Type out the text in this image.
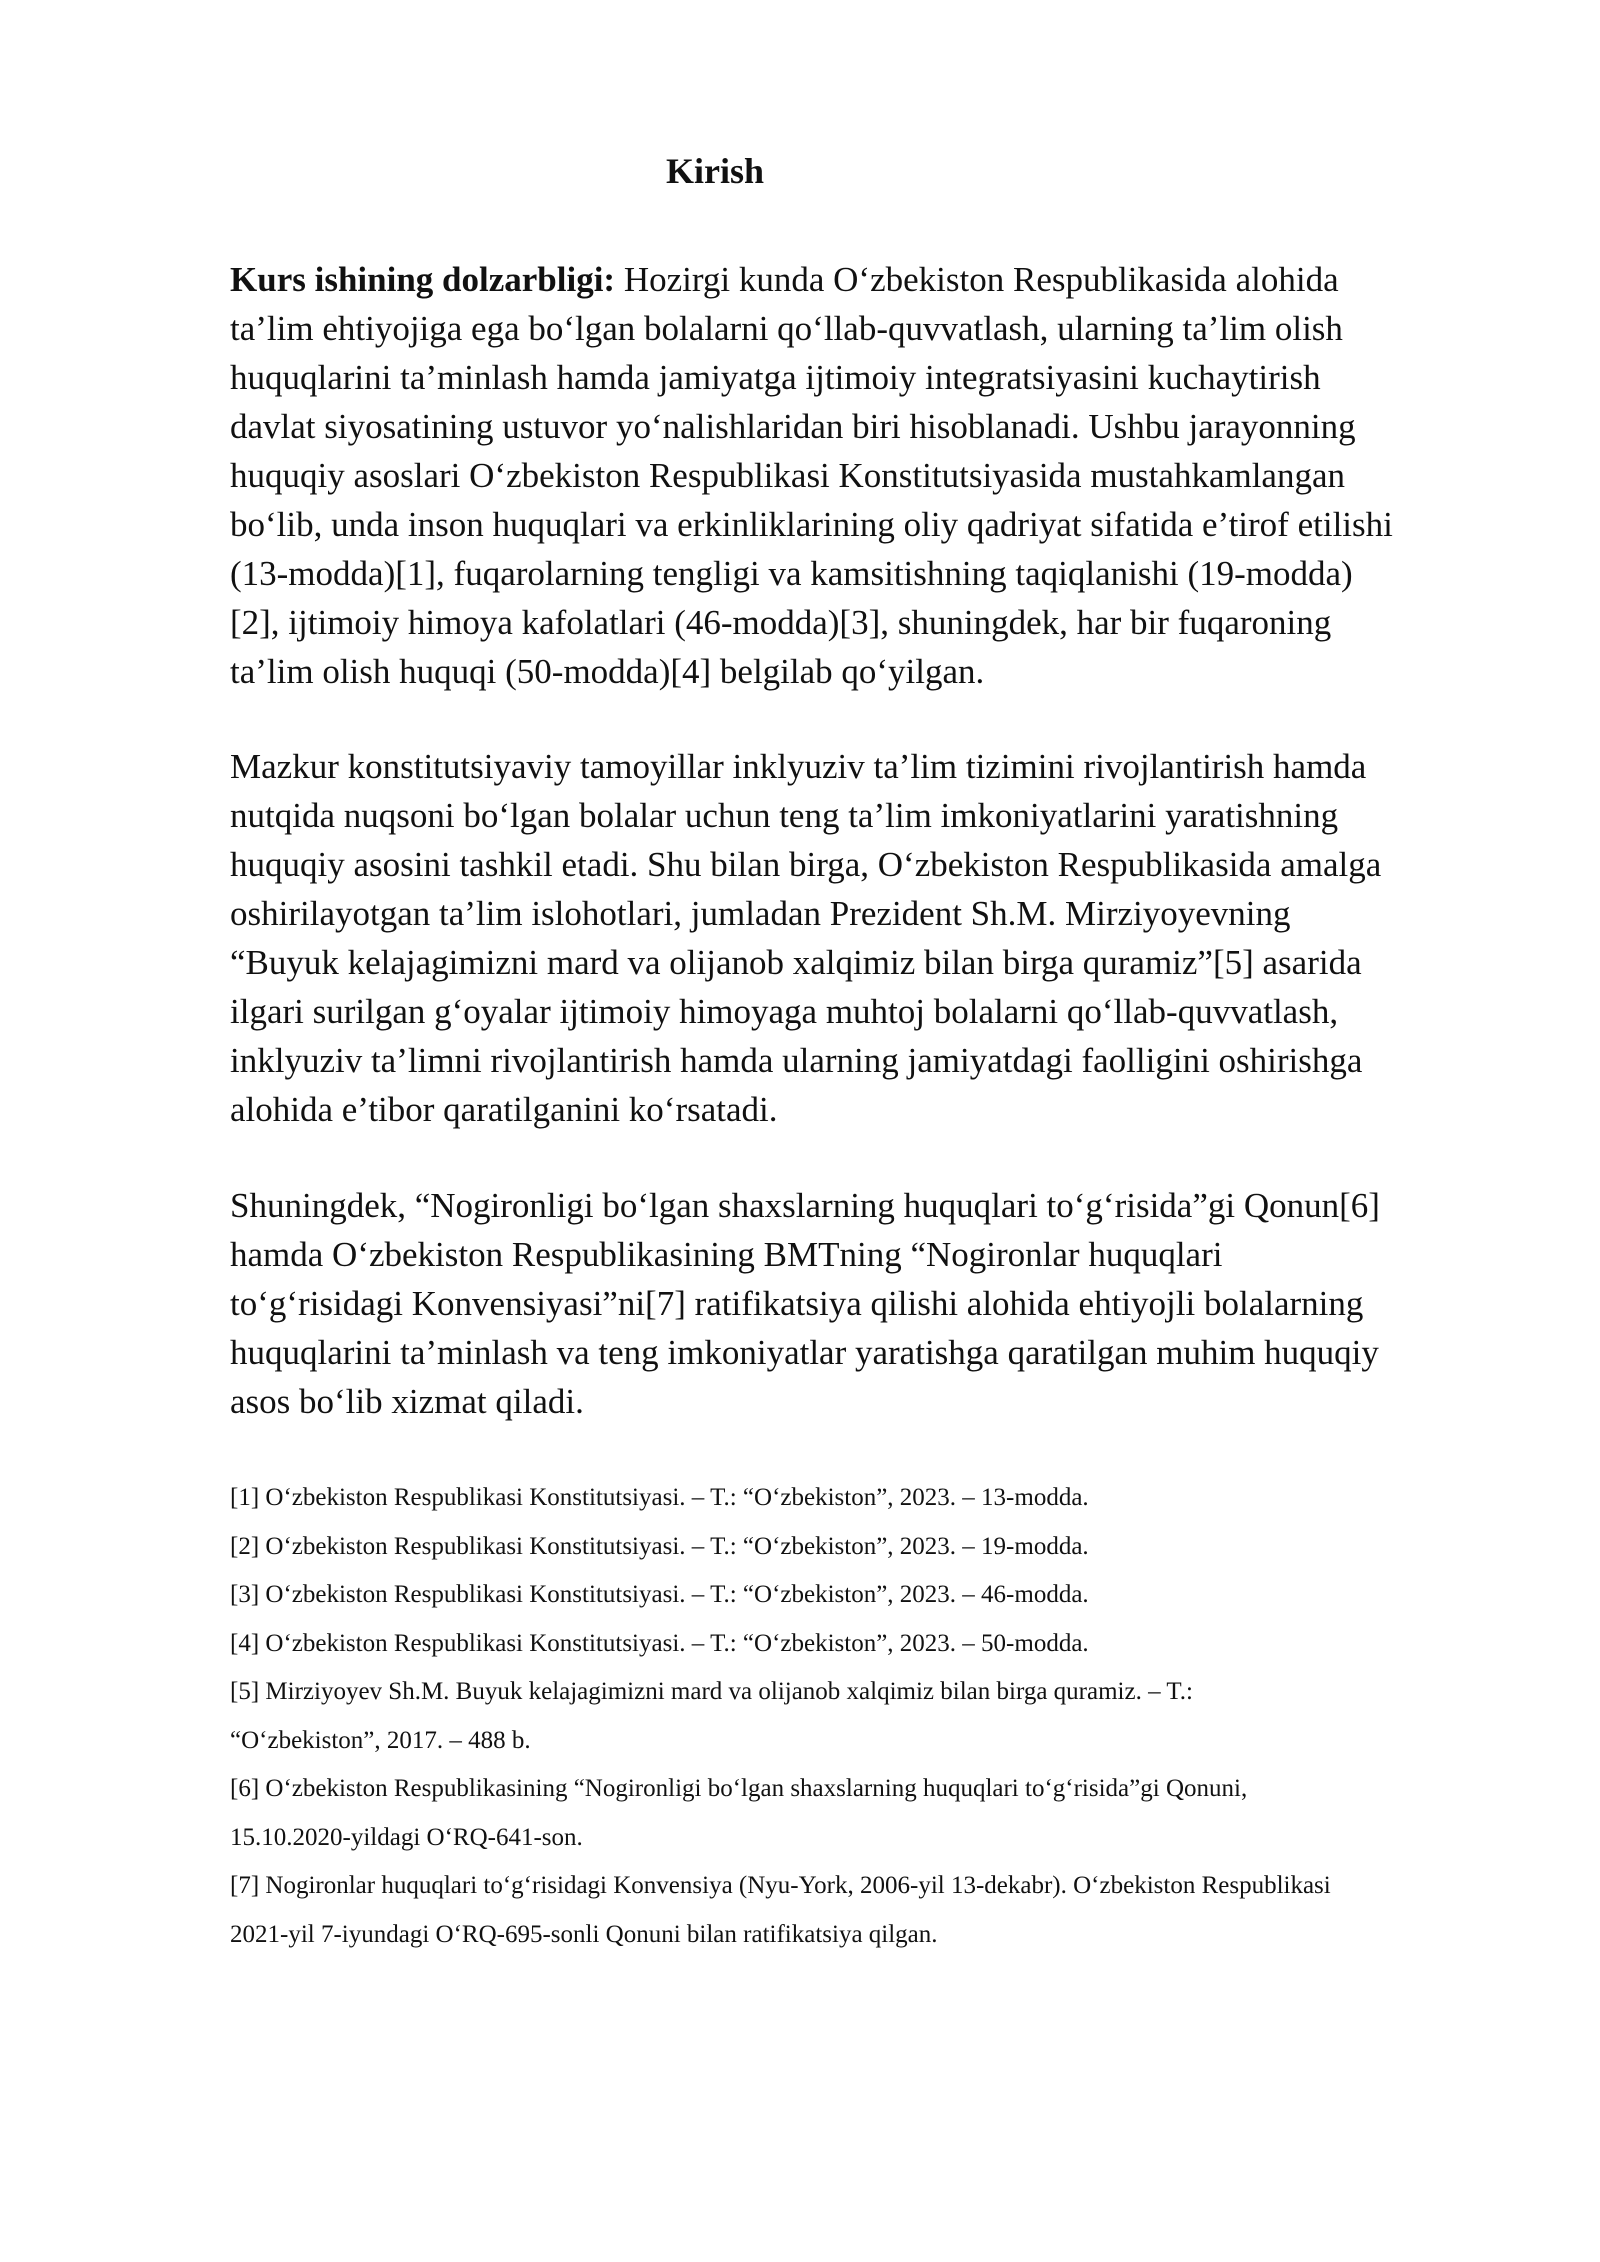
Kirish
Kurs ishining dolzarbligi: Hozirgi kunda O‘zbekiston Respublikasida alohida
ta’lim ehtiyojiga ega bo‘lgan bolalarni qo‘llab-quvvatlash, ularning ta’lim olish
huquqlarini ta’minlash hamda jamiyatga ijtimoiy integratsiyasini kuchaytirish
davlat siyosatining ustuvor yo‘nalishlaridan biri hisoblanadi. Ushbu jarayonning
huquqiy asoslari O‘zbekiston Respublikasi Konstitutsiyasida mustahkamlangan
bo‘lib, unda inson huquqlari va erkinliklarining oliy qadriyat sifatida e’tirof etilishi
(13-modda)[1], fuqarolarning tengligi va kamsitishning taqiqlanishi (19-modda)
[2], ijtimoiy himoya kafolatlari (46-modda)[3], shuningdek, har bir fuqaroning
ta’lim olish huquqi (50-modda)[4] belgilab qo‘yilgan.
Mazkur konstitutsiyaviy tamoyillar inklyuziv ta’lim tizimini rivojlantirish hamda
nutqida nuqsoni bo‘lgan bolalar uchun teng ta’lim imkoniyatlarini yaratishning
huquqiy asosini tashkil etadi. Shu bilan birga, O‘zbekiston Respublikasida amalga
oshirilayotgan ta’lim islohotlari, jumladan Prezident Sh.M. Mirziyoyevning
“Buyuk kelajagimizni mard va olijanob xalqimiz bilan birga quramiz”[5] asarida
ilgari surilgan g‘oyalar ijtimoiy himoyaga muhtoj bolalarni qo‘llab-quvvatlash,
inklyuziv ta’limni rivojlantirish hamda ularning jamiyatdagi faolligini oshirishga
alohida e’tibor qaratilganini ko‘rsatadi.
Shuningdek, “Nogironligi bo‘lgan shaxslarning huquqlari to‘g‘risida”gi Qonun[6]
hamda O‘zbekiston Respublikasining BMTning “Nogironlar huquqlari
to‘g‘risidagi Konvensiyasi”ni[7] ratifikatsiya qilishi alohida ehtiyojli bolalarning
huquqlarini ta’minlash va teng imkoniyatlar yaratishga qaratilgan muhim huquqiy
asos bo‘lib xizmat qiladi.
[1] O‘zbekiston Respublikasi Konstitutsiyasi. – T.: “O‘zbekiston”, 2023. – 13-modda.
[2] O‘zbekiston Respublikasi Konstitutsiyasi. – T.: “O‘zbekiston”, 2023. – 19-modda.
[3] O‘zbekiston Respublikasi Konstitutsiyasi. – T.: “O‘zbekiston”, 2023. – 46-modda.
[4] O‘zbekiston Respublikasi Konstitutsiyasi. – T.: “O‘zbekiston”, 2023. – 50-modda.
[5] Mirziyoyev Sh.M. Buyuk kelajagimizni mard va olijanob xalqimiz bilan birga quramiz. – T.:
“O‘zbekiston”, 2017. – 488 b.
[6] O‘zbekiston Respublikasining “Nogironligi bo‘lgan shaxslarning huquqlari to‘g‘risida”gi Qonuni,
15.10.2020-yildagi O‘RQ-641-son.
[7] Nogironlar huquqlari to‘g‘risidagi Konvensiya (Nyu-York, 2006-yil 13-dekabr). O‘zbekiston Respublikasi
2021-yil 7-iyundagi O‘RQ-695-sonli Qonuni bilan ratifikatsiya qilgan.
